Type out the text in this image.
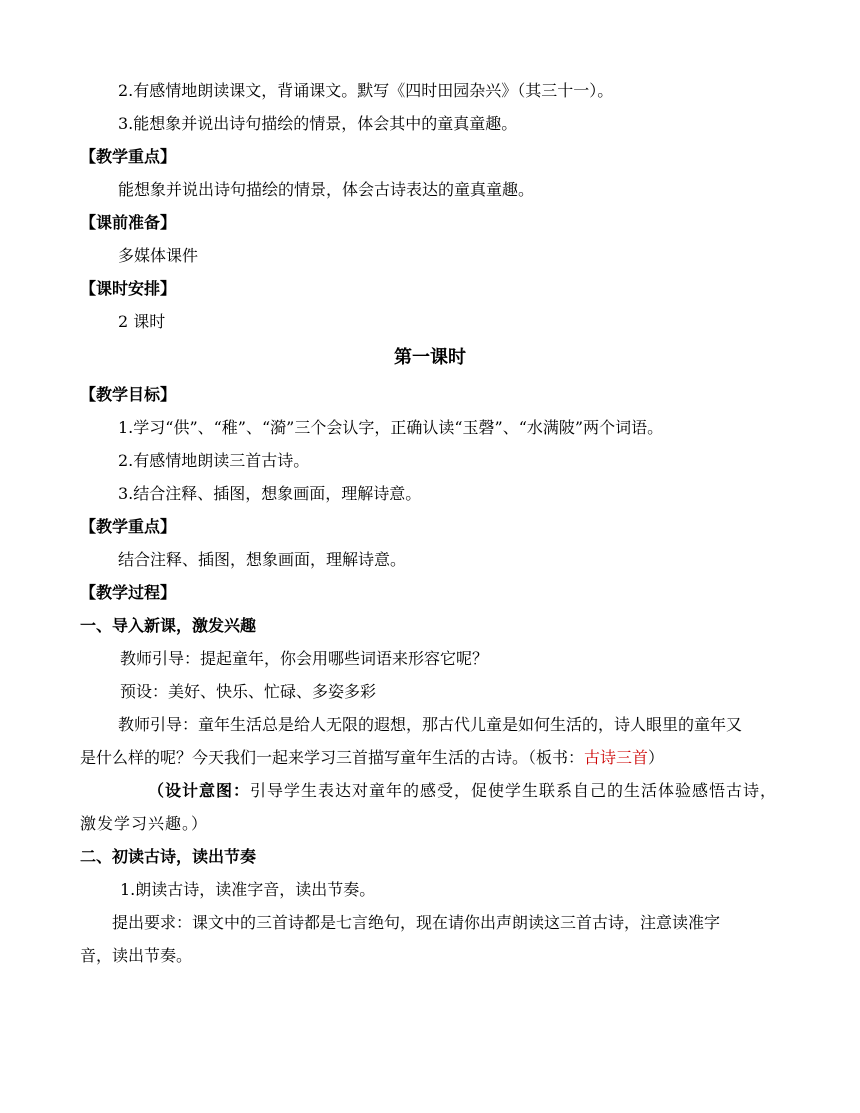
2.有感情地朗读课文，背诵课文。默写《四时田园杂兴》（其三十一）。
3.能想象并说出诗句描绘的情景，体会其中的童真童趣。
【教学重点】
能想象并说出诗句描绘的情景，体会古诗表达的童真童趣。
【课前准备】
多媒体课件
【课时安排】
2 课时
第一课时
【教学目标】
1.学习“供”、“稚”、“漪”三个会认字，正确认读“玉磬”、“水满陂”两个词语。
2.有感情地朗读三首古诗。
3.结合注释、插图，想象画面，理解诗意。
【教学重点】
结合注释、插图，想象画面，理解诗意。
【教学过程】
一、导入新课，激发兴趣
教师引导：提起童年，你会用哪些词语来形容它呢？
预设：美好、快乐、忙碌、多姿多彩
教师引导：童年生活总是给人无限的遐想，那古代儿童是如何生活的，诗人眼里的童年又
是什么样的呢？今天我们一起来学习三首描写童年生活的古诗。（板书：古诗三首）
（设计意图：引导学生表达对童年的感受，促使学生联系自己的生活体验感悟古诗，
激发学习兴趣。）
二、初读古诗，读出节奏
1.朗读古诗，读准字音，读出节奏。
提出要求：课文中的三首诗都是七言绝句，现在请你出声朗读这三首古诗，注意读准字
音，读出节奏。
